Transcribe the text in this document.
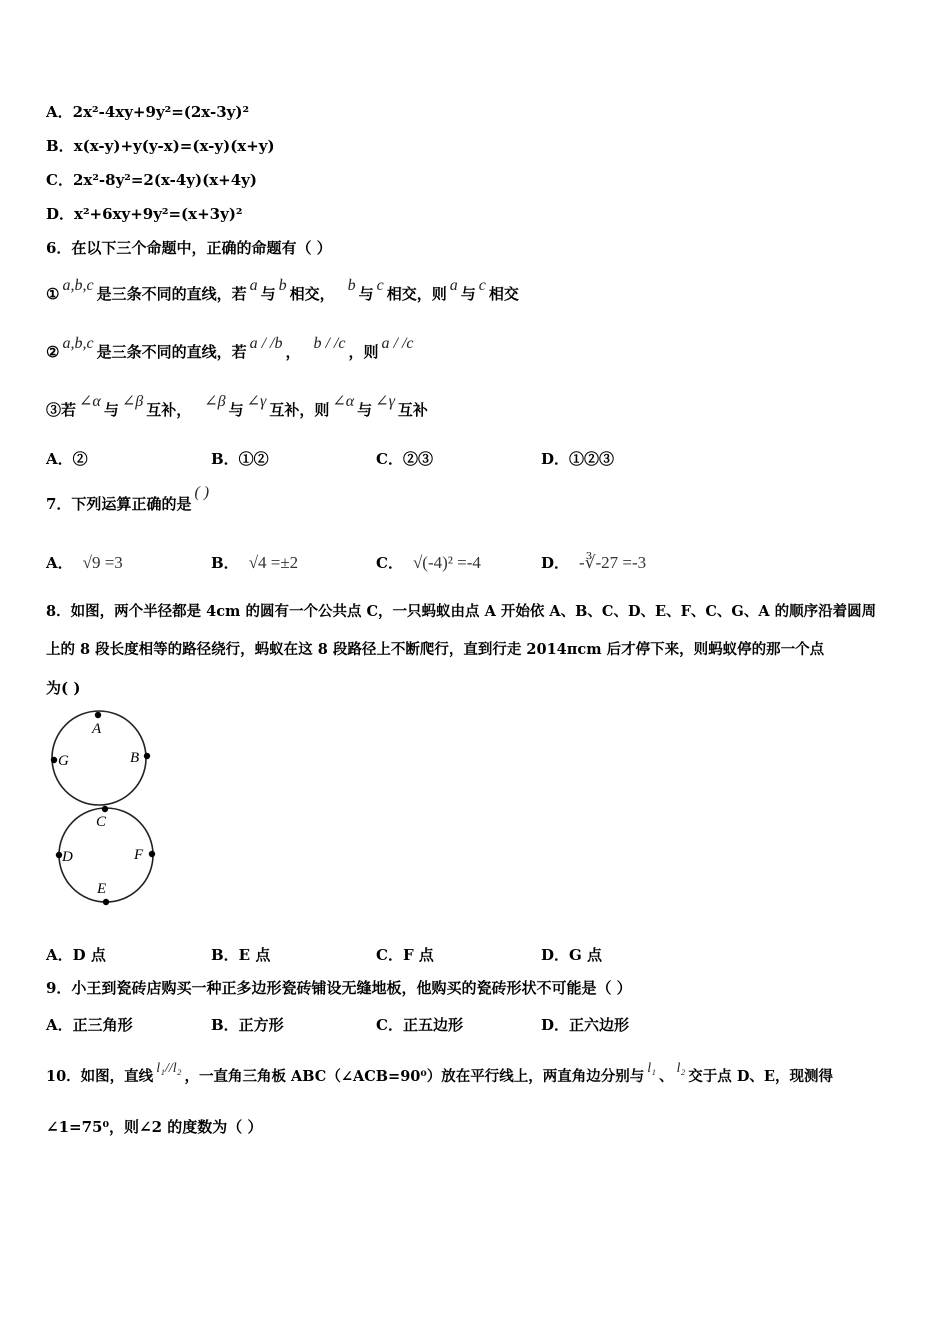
A．2x²-4xy+9y²=(2x-3y)²
B．x(x-y)+y(y-x)=(x-y)(x+y)
C．2x²-8y²=2(x-4y)(x+4y)
D．x²+6xy+9y²=(x+3y)²
6．在以下三个命题中，正确的命题有（ ）
① a,b,c 是三条不同的直线，若 a 与 b 相交， b 与 c 相交，则 a 与 c 相交
② a,b,c 是三条不同的直线，若 a / /b ， b / /c ，则 a / /c
③若 ∠α 与 ∠β 互补， ∠β 与 ∠γ 互补，则 ∠α 与 ∠γ 互补
A．②	B．①②	C．②③	D．①②③
7．下列运算正确的是( )
A． √9 =3	B． √4 =±2	C． √(-4)² =-4	D． -∛-27 =-3
8．如图，两个半径都是 4cm 的圆有一个公共点 C，一只蚂蚁由点 A 开始依 A、B、C、D、E、F、C、G、A 的顺序沿着圆周
上的 8 段长度相等的路径绕行，蚂蚁在这 8 段路径上不断爬行，直到行走 2014πcm 后才停下来，则蚂蚁停的那一个点
为( )
A
B
G
C
D	F
E
A．D 点	B．E 点	C．F 点	D．G 点
9．小王到瓷砖店购买一种正多边形瓷砖铺设无缝地板，他购买的瓷砖形状不可能是（ ）
A．正三角形	B．正方形	C．正五边形	D．正六边形
10．如图，直线 l₁//l₂ ，一直角三角板 ABC（∠ACB=90⁰）放在平行线上，两直角边分别与 l₁ 、 l₂ 交于点 D、E，现测得
∠1=75⁰，则∠2 的度数为（ ）
